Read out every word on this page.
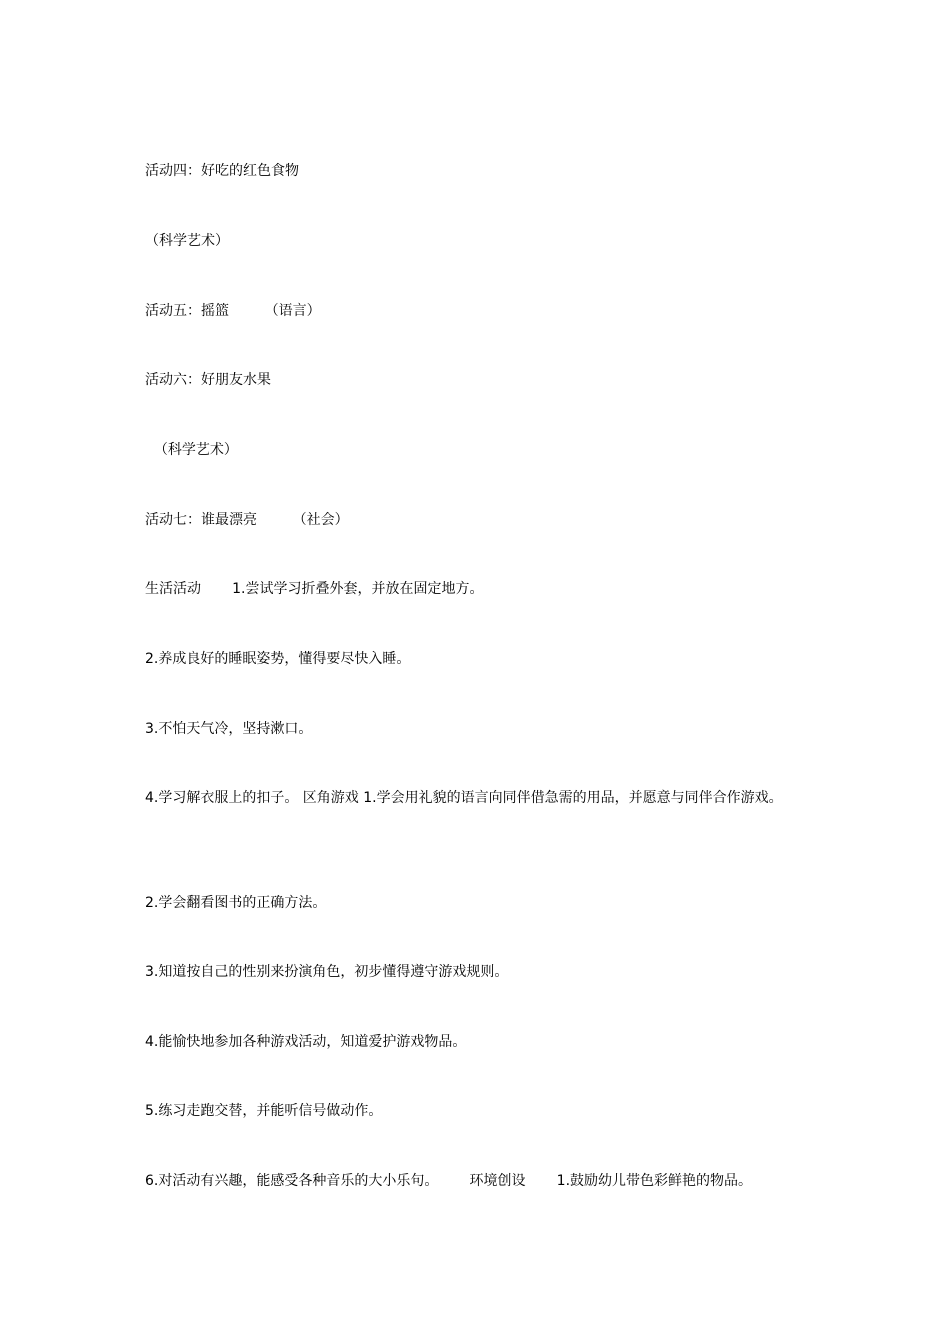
活动四：好吃的红色食物
（科学艺术）
活动五：摇篮        （语言）
活动六：好朋友水果
（科学艺术）
活动七：谁最漂亮        （社会）
生活活动       1.尝试学习折叠外套，并放在固定地方。
2.养成良好的睡眠姿势，懂得要尽快入睡。
3.不怕天气冷，坚持漱口。
4.学习解衣服上的扣子。 区角游戏 1.学会用礼貌的语言向同伴借急需的用品，并愿意与同伴合作游戏。
2.学会翻看图书的正确方法。
3.知道按自己的性别来扮演角色，初步懂得遵守游戏规则。
4.能愉快地参加各种游戏活动，知道爱护游戏物品。
5.练习走跑交替，并能听信号做动作。
6.对活动有兴趣，能感受各种音乐的大小乐句。       环境创设       1.鼓励幼儿带色彩鲜艳的物品。
